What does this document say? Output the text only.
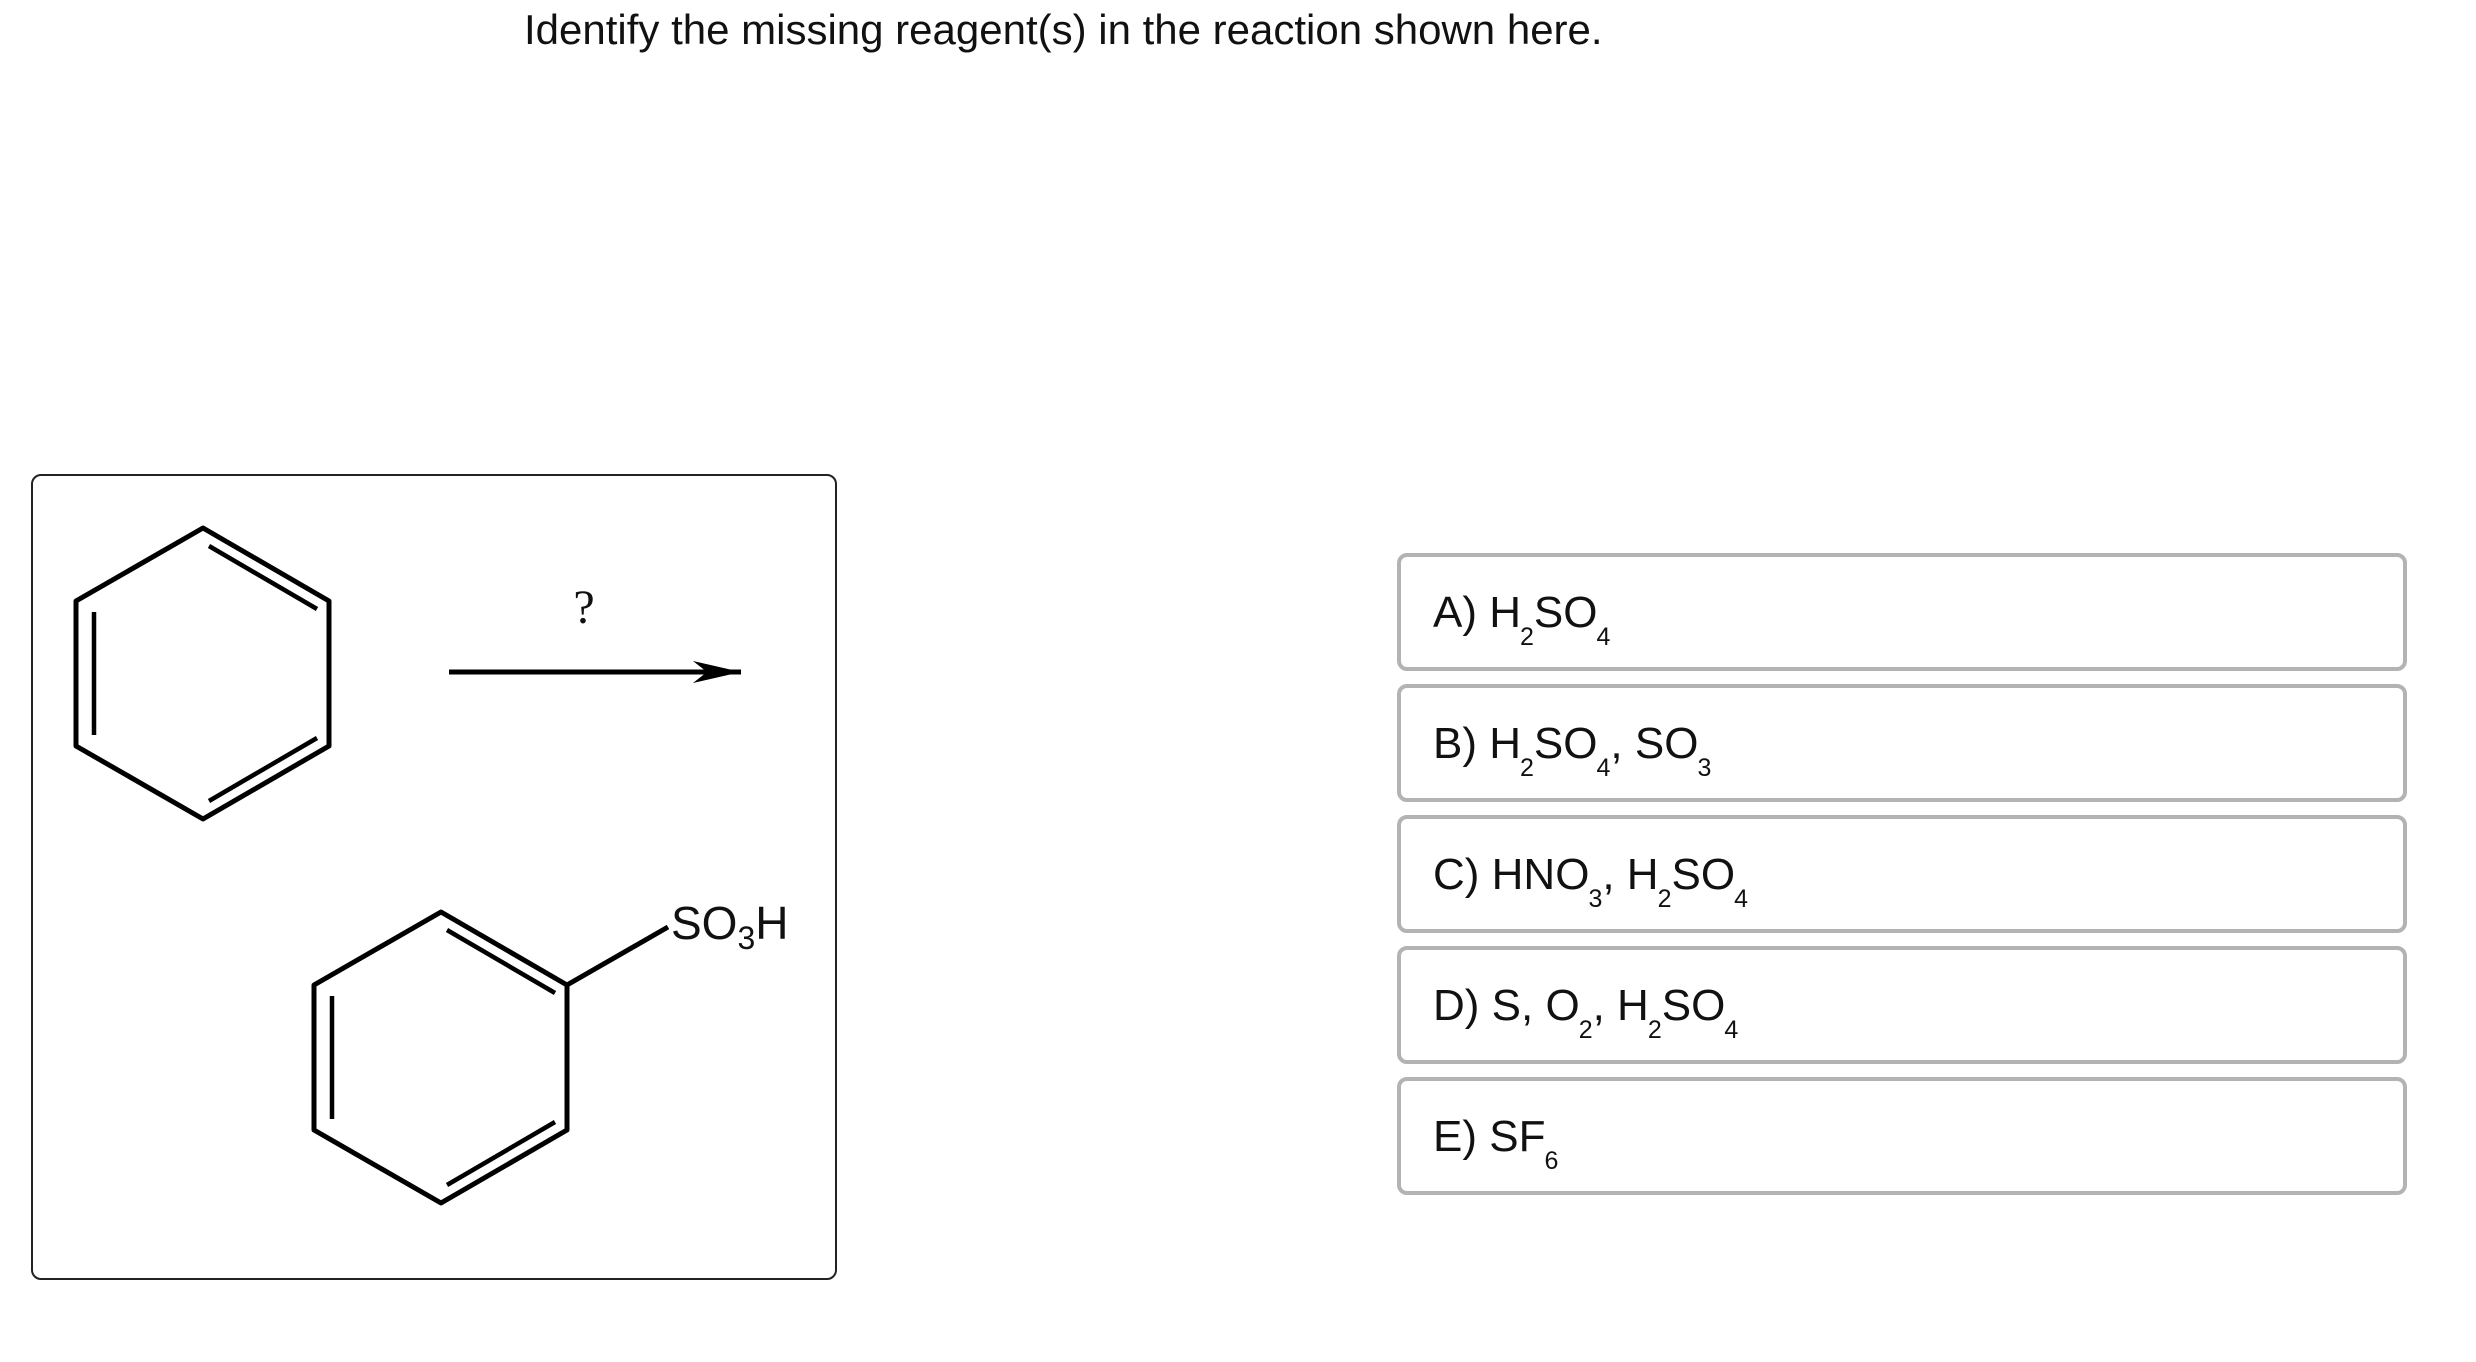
Identify the missing reagent(s) in the reaction shown here.
?
$SO_3H$
A) $H_2SO_4$
B) $H_2SO_4$, $SO_3$
C) $HNO_3$, $H_2SO_4$
D) S, $O_2$, $H_2SO_4$
E) $SF_6$
